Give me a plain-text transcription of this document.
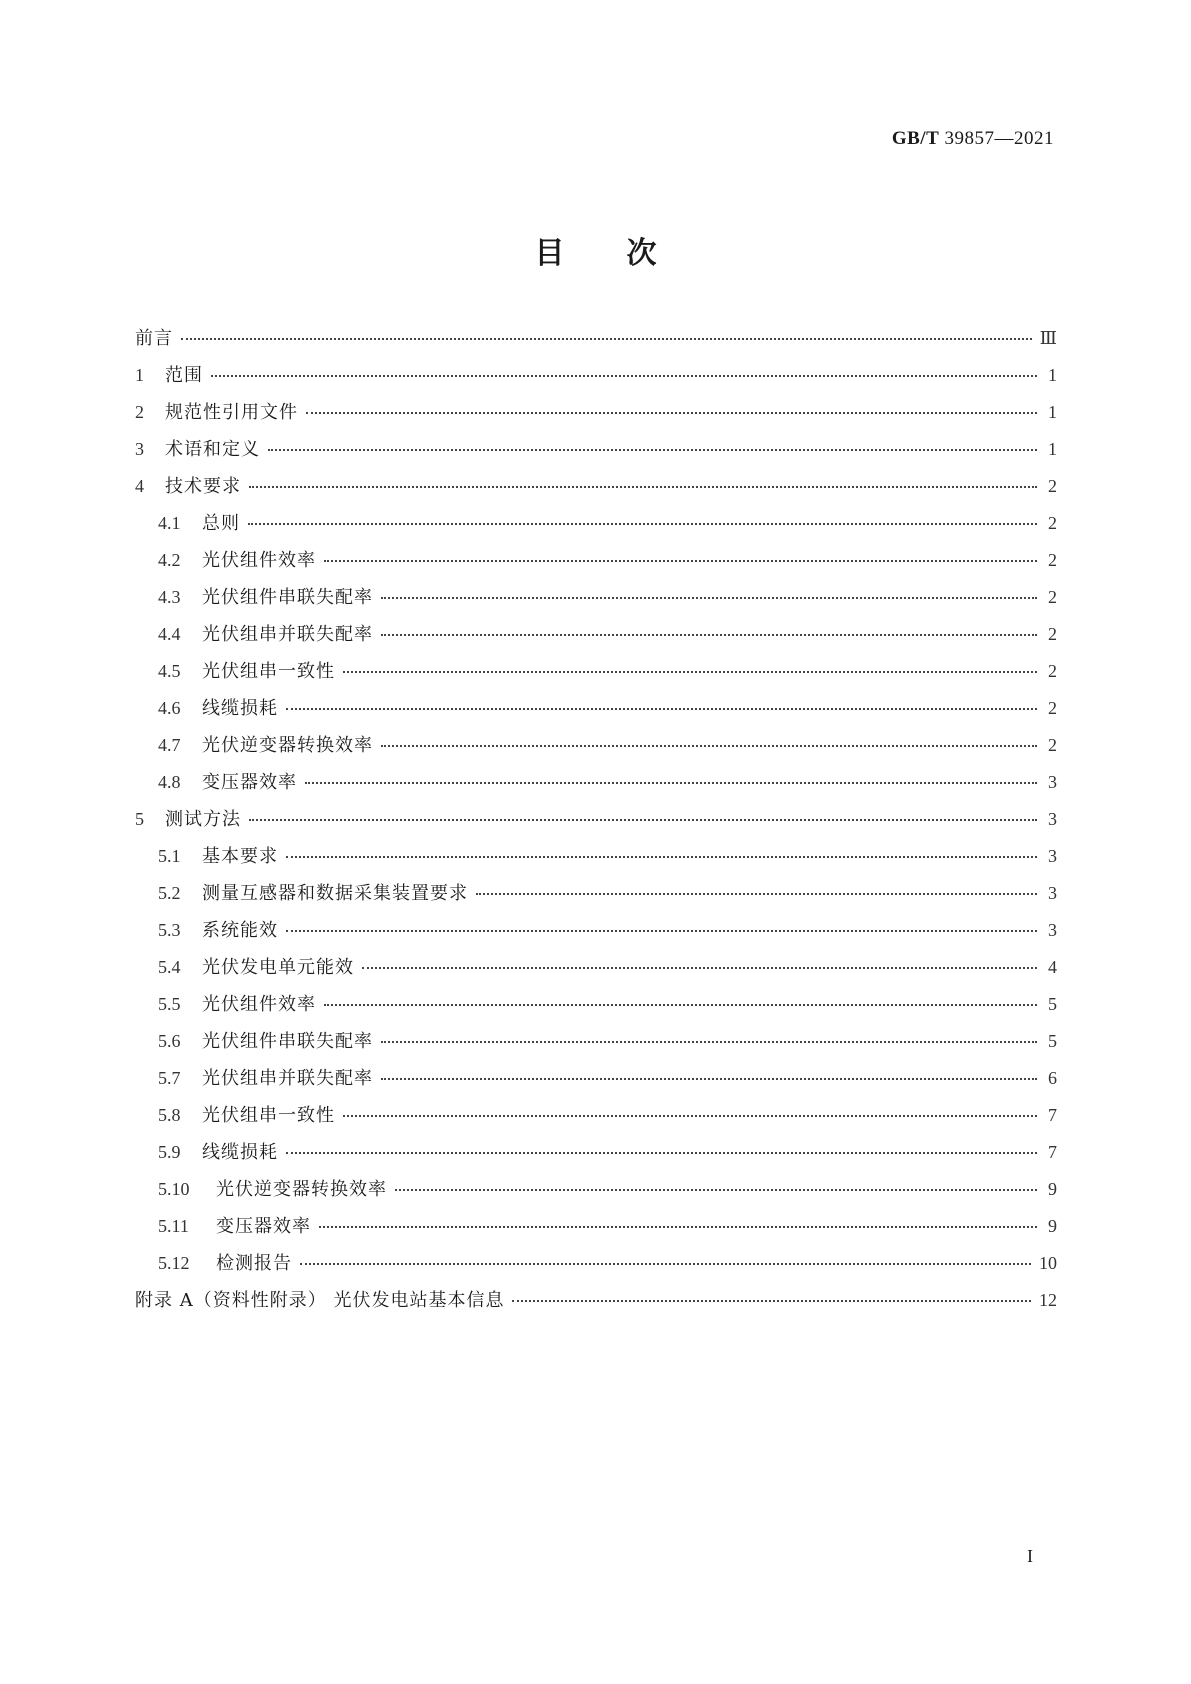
GB/T 39857—2021
目次
前言	Ⅲ
1	范围	1
2	规范性引用文件	1
3	术语和定义	1
4	技术要求	2
4.1	总则	2
4.2	光伏组件效率	2
4.3	光伏组件串联失配率	2
4.4	光伏组串并联失配率	2
4.5	光伏组串一致性	2
4.6	线缆损耗	2
4.7	光伏逆变器转换效率	2
4.8	变压器效率	3
5	测试方法	3
5.1	基本要求	3
5.2	测量互感器和数据采集装置要求	3
5.3	系统能效	3
5.4	光伏发电单元能效	4
5.5	光伏组件效率	5
5.6	光伏组件串联失配率	5
5.7	光伏组串并联失配率	6
5.8	光伏组串一致性	7
5.9	线缆损耗	7
5.10	光伏逆变器转换效率	9
5.11	变压器效率	9
5.12	检测报告	10
附录 A（资料性附录） 光伏发电站基本信息	12
I
